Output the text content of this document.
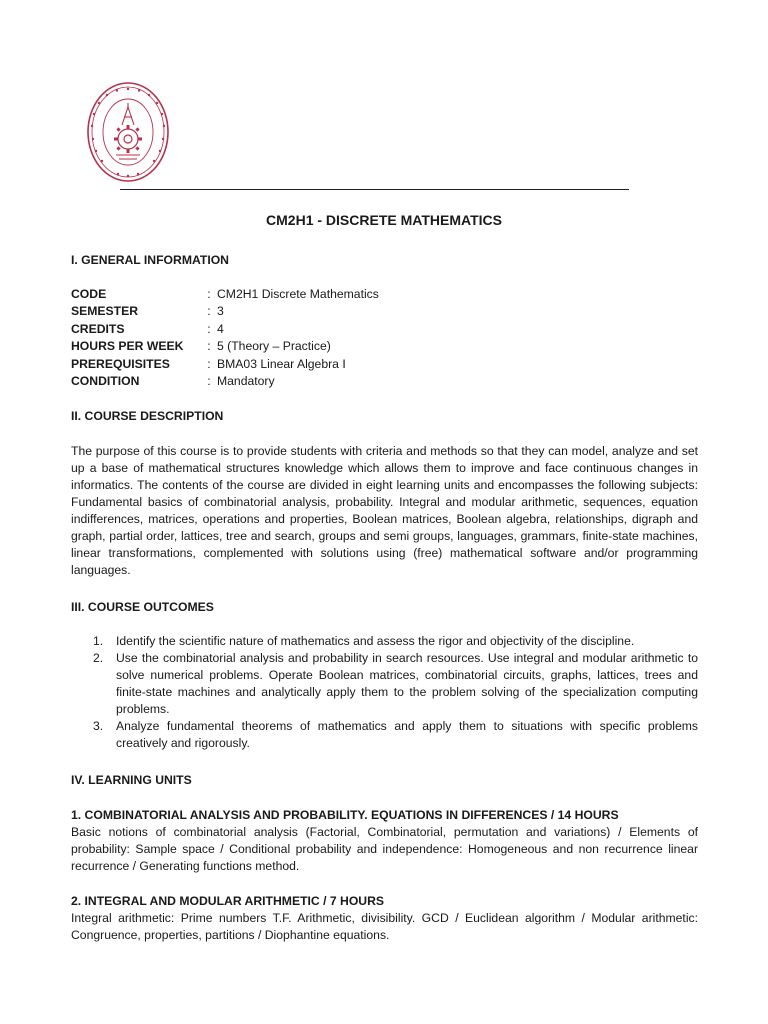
CM2H1 - DISCRETE MATHEMATICS
I. GENERAL INFORMATION
CODE	: CM2H1 Discrete Mathematics
SEMESTER	: 3
CREDITS	: 4
HOURS PER WEEK	: 5 (Theory – Practice)
PREREQUISITES	: BMA03 Linear Algebra I
CONDITION	: Mandatory
II. COURSE DESCRIPTION

The purpose of this course is to provide students with criteria and methods so that they can model, analyze and set up a base of mathematical structures knowledge which allows them to improve and face continuous changes in informatics. The contents of the course are divided in eight learning units and encompasses the following subjects: Fundamental basics of combinatorial analysis, probability. Integral and modular arithmetic, sequences, equation indifferences, matrices, operations and properties, Boolean matrices, Boolean algebra, relationships, digraph and graph, partial order, lattices, tree and search, groups and semi groups, languages, grammars, finite-state machines, linear transformations, complemented with solutions using (free) mathematical software and/or programming languages.

III. COURSE OUTCOMES
1.	Identify the scientific nature of mathematics and assess the rigor and objectivity of the discipline.
2.	Use the combinatorial analysis and probability in search resources. Use integral and modular arithmetic to solve numerical problems. Operate Boolean matrices, combinatorial circuits, graphs, lattices, trees and finite-state machines and analytically apply them to the problem solving of the specialization computing problems.
3.	Analyze fundamental theorems of mathematics and apply them to situations with specific problems creatively and rigorously.
IV. LEARNING UNITS
1. COMBINATORIAL ANALYSIS AND PROBABILITY. EQUATIONS IN DIFFERENCES / 14 HOURS

Basic notions of combinatorial analysis (Factorial, Combinatorial, permutation and variations) / Elements of probability: Sample space / Conditional probability and independence: Homogeneous and non recurrence linear recurrence / Generating functions method.

2. INTEGRAL AND MODULAR ARITHMETIC / 7 HOURS

Integral arithmetic: Prime numbers T.F. Arithmetic, divisibility. GCD / Euclidean algorithm / Modular arithmetic: Congruence, properties, partitions / Diophantine equations.
